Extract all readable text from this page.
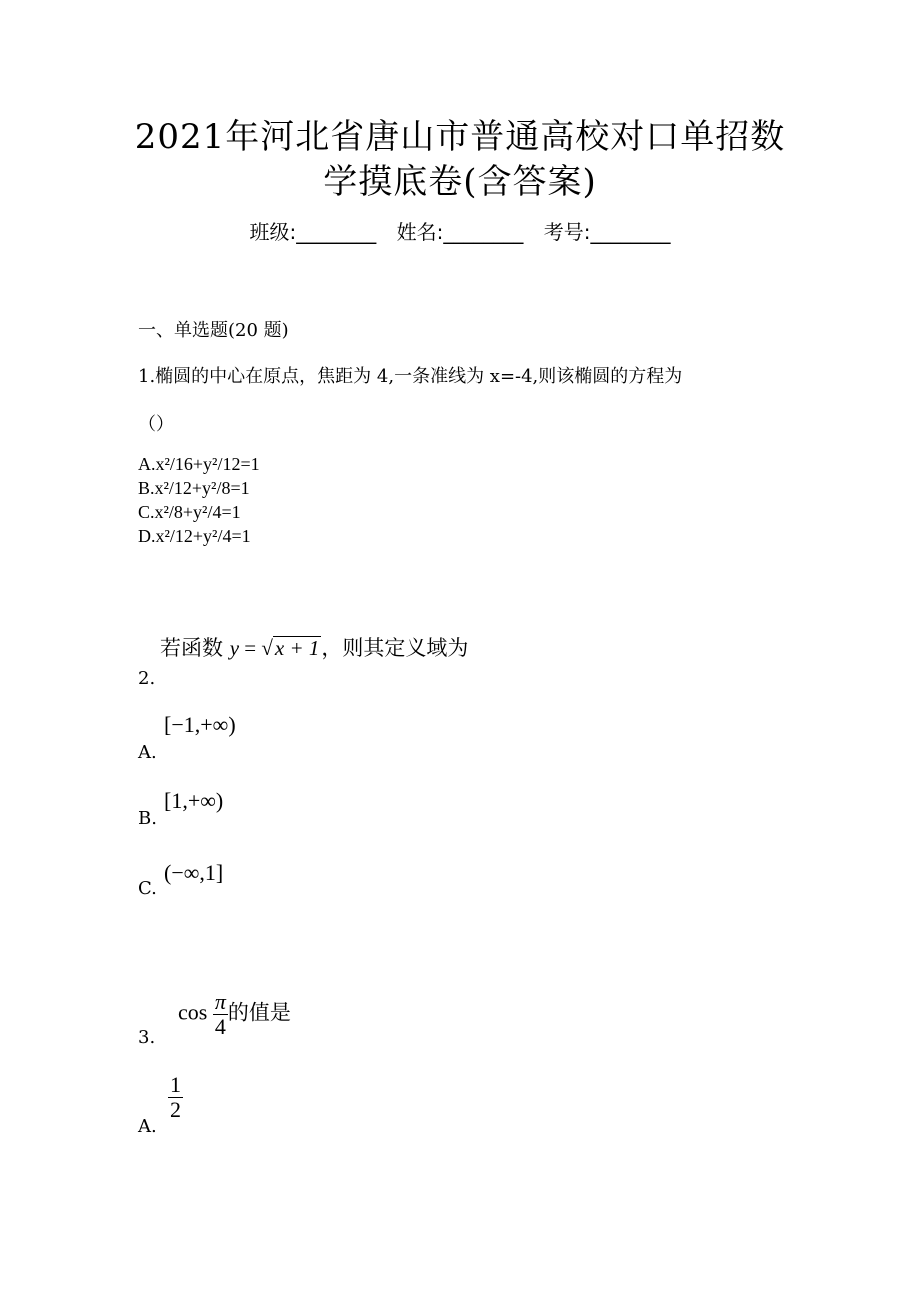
2021年河北省唐山市普通高校对口单招数
学摸底卷(含答案)
班级:________ 姓名:________ 考号:________
一、单选题(20 题)
1.椭圆的中心在原点，焦距为 4,一条准线为 x=-4,则该椭圆的方程为
（）
A.x²/16+y²/12=1
B.x²/12+y²/8=1
C.x²/8+y²/4=1
D.x²/12+y²/4=1
若函数 y = √x + 1，则其定义域为
2.
[−1,+∞)
A.
[1,+∞)
B.
(−∞,1]
C.
$\cos \frac{\pi}{4}$ 的值是
3.
$\frac{1}{2}$
A.
